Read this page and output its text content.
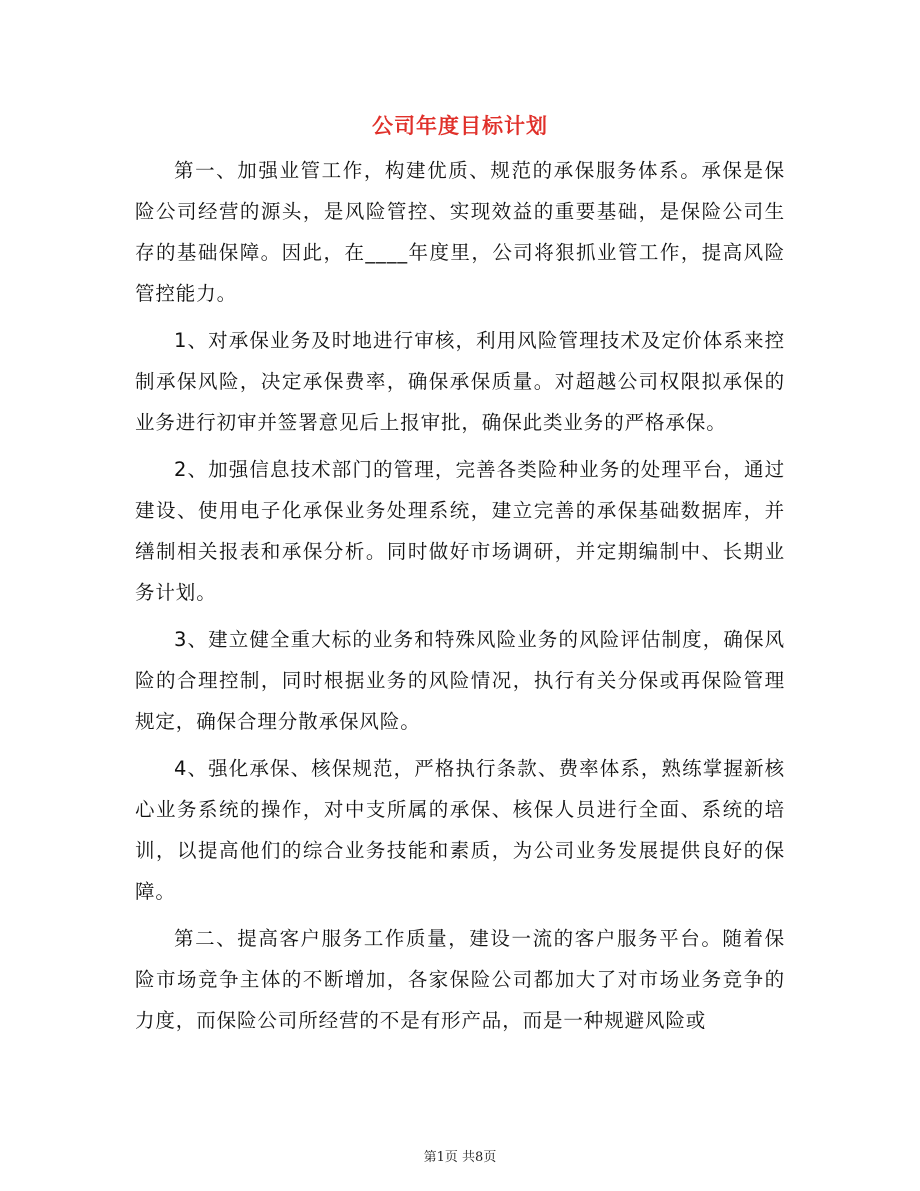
公司年度目标计划

第一、加强业管工作，构建优质、规范的承保服务体系。承保是保险公司经营的源头，是风险管控、实现效益的重要基础，是保险公司生存的基础保障。因此，在____年度里，公司将狠抓业管工作，提高风险管控能力。

1、对承保业务及时地进行审核，利用风险管理技术及定价体系来控制承保风险，决定承保费率，确保承保质量。对超越公司权限拟承保的业务进行初审并签署意见后上报审批，确保此类业务的严格承保。

2、加强信息技术部门的管理，完善各类险种业务的处理平台，通过建设、使用电子化承保业务处理系统，建立完善的承保基础数据库，并缮制相关报表和承保分析。同时做好市场调研，并定期编制中、长期业务计划。

3、建立健全重大标的业务和特殊风险业务的风险评估制度，确保风险的合理控制，同时根据业务的风险情况，执行有关分保或再保险管理规定，确保合理分散承保风险。

4、强化承保、核保规范，严格执行条款、费率体系，熟练掌握新核心业务系统的操作，对中支所属的承保、核保人员进行全面、系统的培训，以提高他们的综合业务技能和素质，为公司业务发展提供良好的保障。

第二、提高客户服务工作质量，建设一流的客户服务平台。随着保险市场竞争主体的不断增加，各家保险公司都加大了对市场业务竞争的力度，而保险公司所经营的不是有形产品，而是一种规避风险或

第1页 共8页
